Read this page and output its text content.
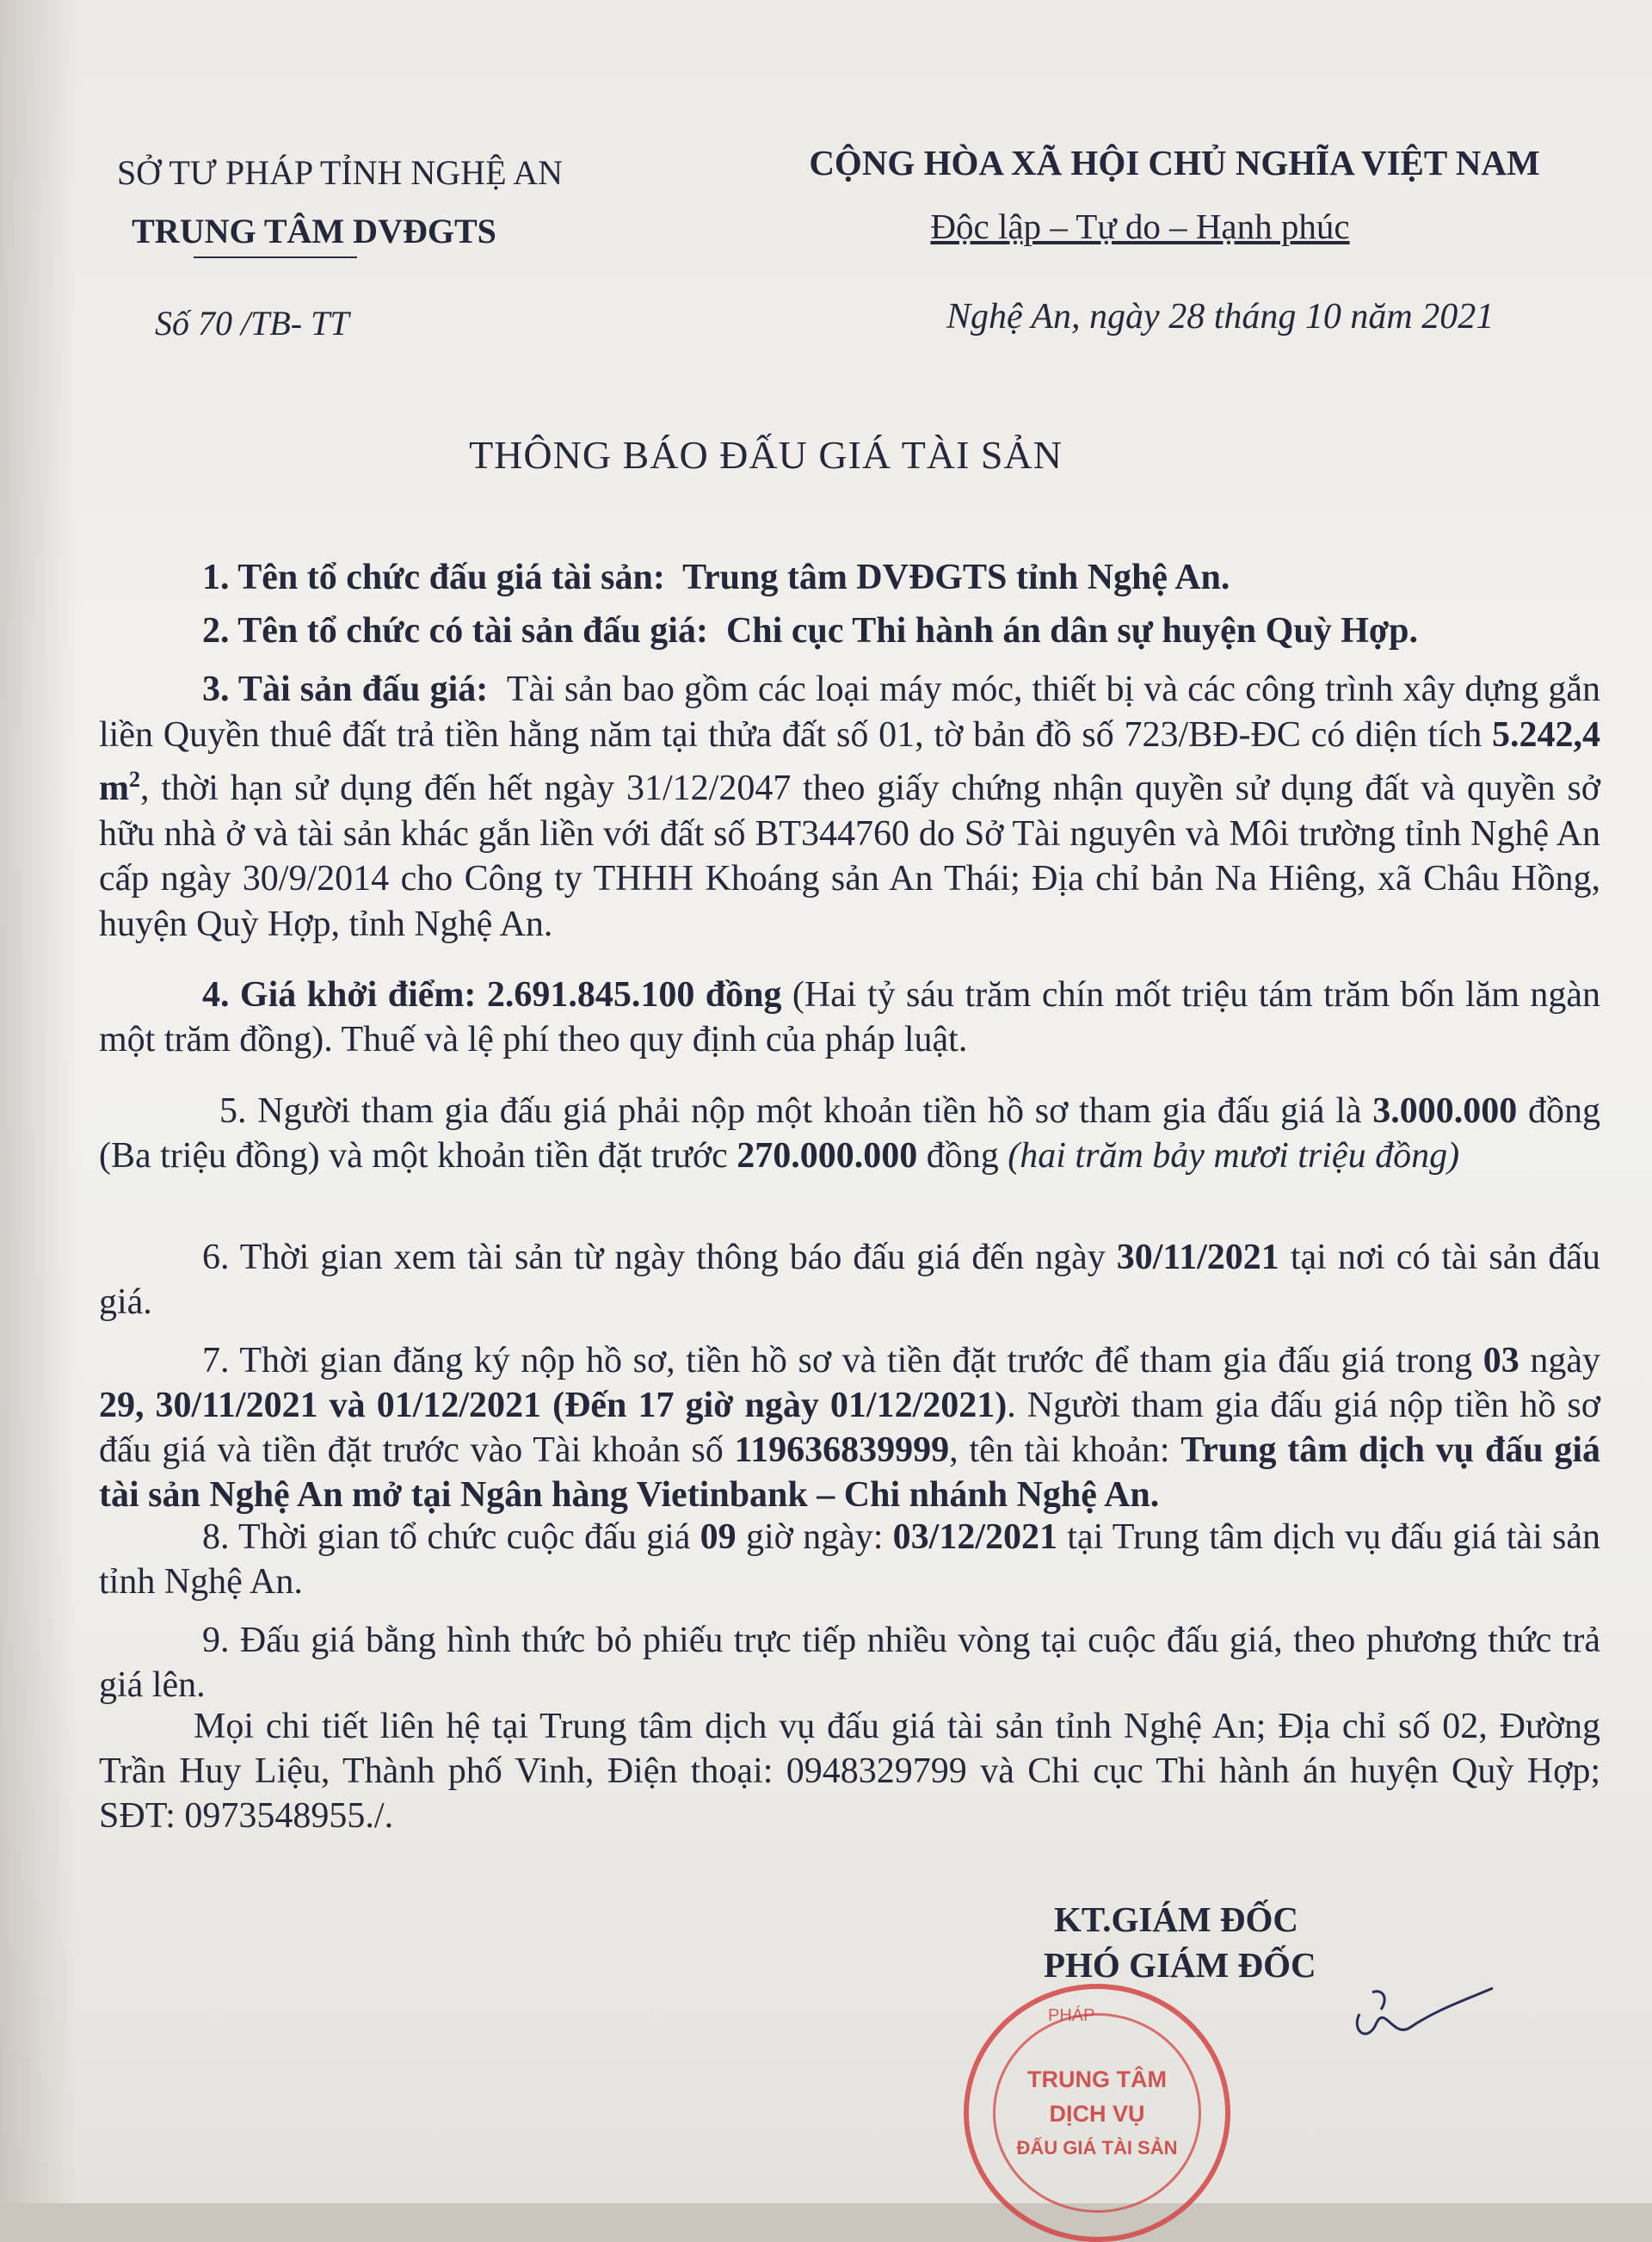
SỞ TƯ PHÁP TỈNH NGHỆ AN
TRUNG TÂM DVĐGTS
Số 70 /TB- TT
CỘNG HÒA XÃ HỘI CHỦ NGHĨA VIỆT NAM
Độc lập – Tự do – Hạnh phúc
Nghệ An, ngày 28 tháng 10 năm 2021
THÔNG BÁO ĐẤU GIÁ TÀI SẢN
1. Tên tổ chức đấu giá tài sản: Trung tâm DVĐGTS tỉnh Nghệ An.
2. Tên tổ chức có tài sản đấu giá: Chi cục Thi hành án dân sự huyện Quỳ Hợp.
3. Tài sản đấu giá: Tài sản bao gồm các loại máy móc, thiết bị và các công trình xây dựng gắn liền Quyền thuê đất trả tiền hằng năm tại thửa đất số 01, tờ bản đồ số 723/BĐ-ĐC có diện tích 5.242,4 $m^2$, thời hạn sử dụng đến hết ngày 31/12/2047 theo giấy chứng nhận quyền sử dụng đất và quyền sở hữu nhà ở và tài sản khác gắn liền với đất số BT344760 do Sở Tài nguyên và Môi trường tỉnh Nghệ An cấp ngày 30/9/2014 cho Công ty THHH Khoáng sản An Thái; Địa chỉ bản Na Hiêng, xã Châu Hồng, huyện Quỳ Hợp, tỉnh Nghệ An.
4. Giá khởi điểm: 2.691.845.100 đồng (Hai tỷ sáu trăm chín mốt triệu tám trăm bốn lăm ngàn một trăm đồng). Thuế và lệ phí theo quy định của pháp luật.
5. Người tham gia đấu giá phải nộp một khoản tiền hồ sơ tham gia đấu giá là 3.000.000 đồng (Ba triệu đồng) và một khoản tiền đặt trước 270.000.000 đồng (hai trăm bảy mươi triệu đồng)
6. Thời gian xem tài sản từ ngày thông báo đấu giá đến ngày 30/11/2021 tại nơi có tài sản đấu giá.
7. Thời gian đăng ký nộp hồ sơ, tiền hồ sơ và tiền đặt trước để tham gia đấu giá trong 03 ngày 29, 30/11/2021 và 01/12/2021 (Đến 17 giờ ngày 01/12/2021). Người tham gia đấu giá nộp tiền hồ sơ đấu giá và tiền đặt trước vào Tài khoản số 119636839999, tên tài khoản: Trung tâm dịch vụ đấu giá tài sản Nghệ An mở tại Ngân hàng Vietinbank – Chi nhánh Nghệ An.
8. Thời gian tổ chức cuộc đấu giá 09 giờ ngày: 03/12/2021 tại Trung tâm dịch vụ đấu giá tài sản tỉnh Nghệ An.
9. Đấu giá bằng hình thức bỏ phiếu trực tiếp nhiều vòng tại cuộc đấu giá, theo phương thức trả giá lên.
Mọi chi tiết liên hệ tại Trung tâm dịch vụ đấu giá tài sản tỉnh Nghệ An; Địa chỉ số 02, Đường Trần Huy Liệu, Thành phố Vinh, Điện thoại: 0948329799 và Chi cục Thi hành án huyện Quỳ Hợp; SĐT: 0973548955./.
KT.GIÁM ĐỐC
PHÓ GIÁM ĐỐC
PHÁP
TRUNG TÂM
DỊCH VỤ
ĐẤU GIÁ TÀI SẢN
